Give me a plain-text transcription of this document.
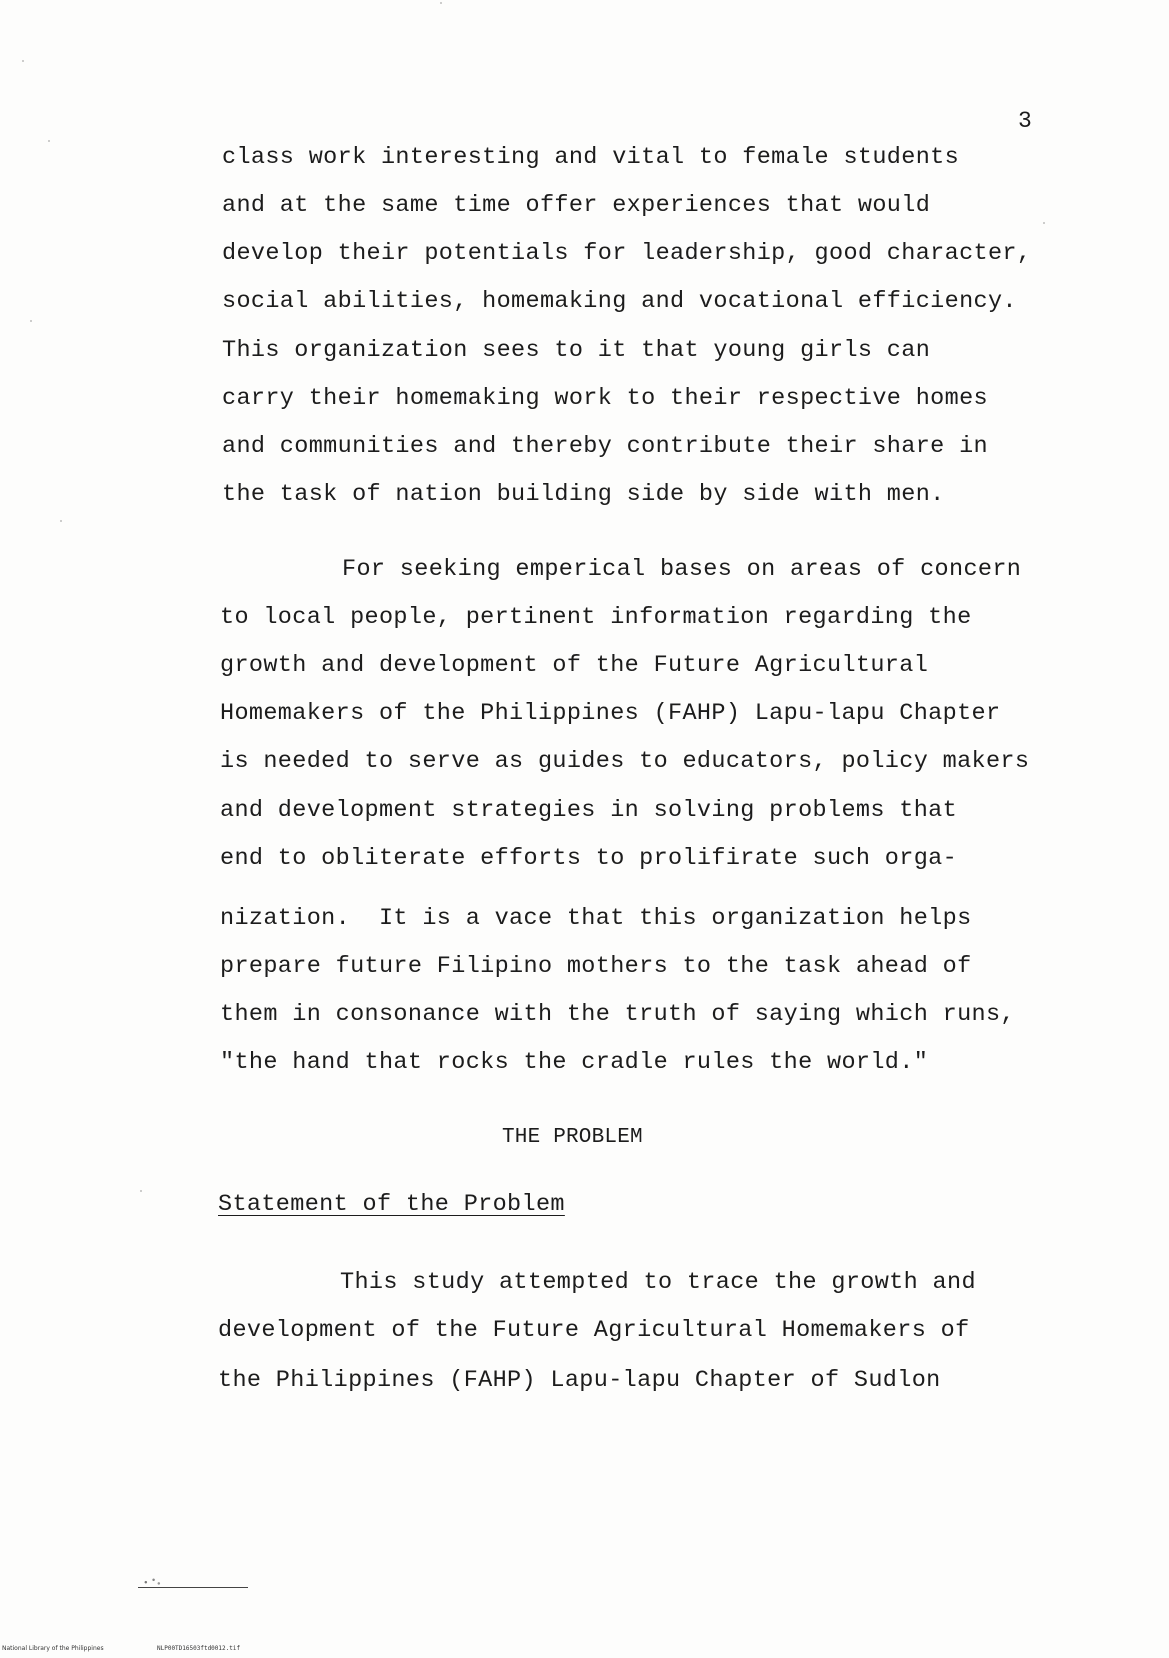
3
class work interesting and vital to female students
and at the same time offer experiences that would
develop their potentials for leadership, good character,
social abilities, homemaking and vocational efficiency.
This organization sees to it that young girls can
carry their homemaking work to their respective homes
and communities and thereby contribute their share in
the task of nation building side by side with men.
For seeking emperical bases on areas of concern
to local people, pertinent information regarding the
growth and development of the Future Agricultural
Homemakers of the Philippines (FAHP) Lapu-lapu Chapter
is needed to serve as guides to educators, policy makers
and development strategies in solving problems that
end to obliterate efforts to prolifirate such orga-
nization.  It is a vace that this organization helps
prepare future Filipino mothers to the task ahead of
them in consonance with the truth of saying which runs,
"the hand that rocks the cradle rules the world."
THE PROBLEM
Statement of the Problem
This study attempted to trace the growth and
development of the Future Agricultural Homemakers of
the Philippines (FAHP) Lapu-lapu Chapter of Sudlon
National Library of the Philippines	NLP00TD16503ftd0012.tif
